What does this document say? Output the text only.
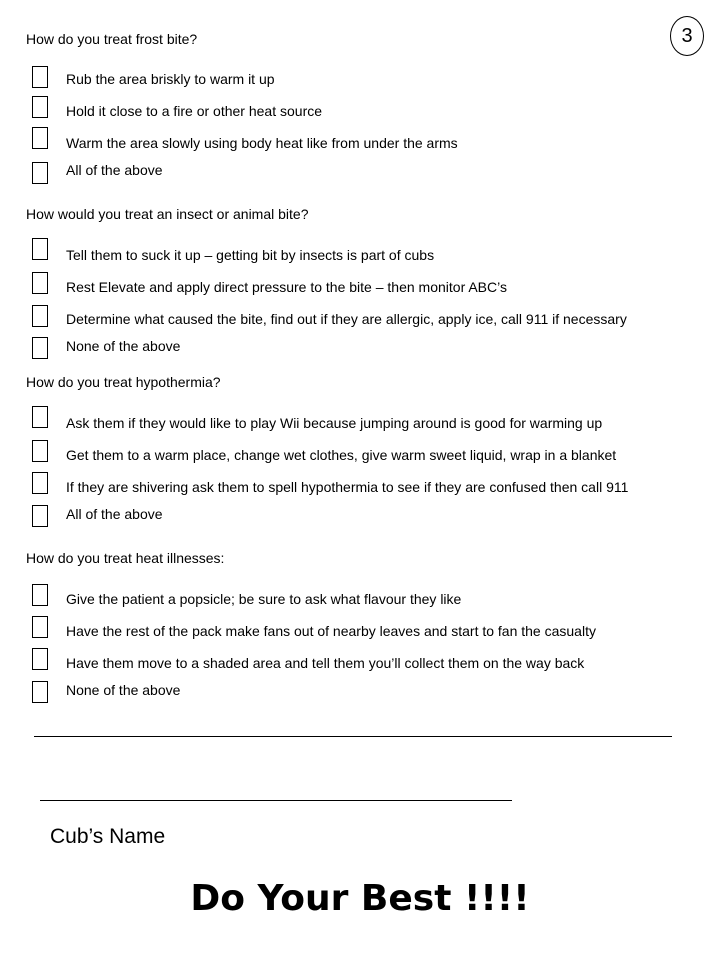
3
How do you treat frost bite?
Rub the area briskly to warm it up
Hold it close to a fire or other heat source
Warm the area slowly using body heat like from under the arms
All of the above
How would you treat an insect or animal bite?
Tell them to suck it up – getting bit by insects is part of cubs
Rest Elevate and apply direct pressure to the bite – then monitor ABC’s
Determine what caused the bite, find out if they are allergic, apply ice, call 911 if necessary
None of the above
How do you treat hypothermia?
Ask them if they would like to play Wii because jumping around is good for warming up
Get them to a warm place, change wet clothes, give warm sweet liquid, wrap in a blanket
If they are shivering ask them to spell hypothermia to see if they are confused then call 911
All of the above
How do you treat heat illnesses:
Give the patient a popsicle; be sure to ask what flavour they like
Have the rest of the pack make fans out of nearby leaves and start to fan the casualty
Have them move to a shaded area and tell them you’ll collect them on the way back
None of the above
Cub’s Name
Do Your Best !!!!
